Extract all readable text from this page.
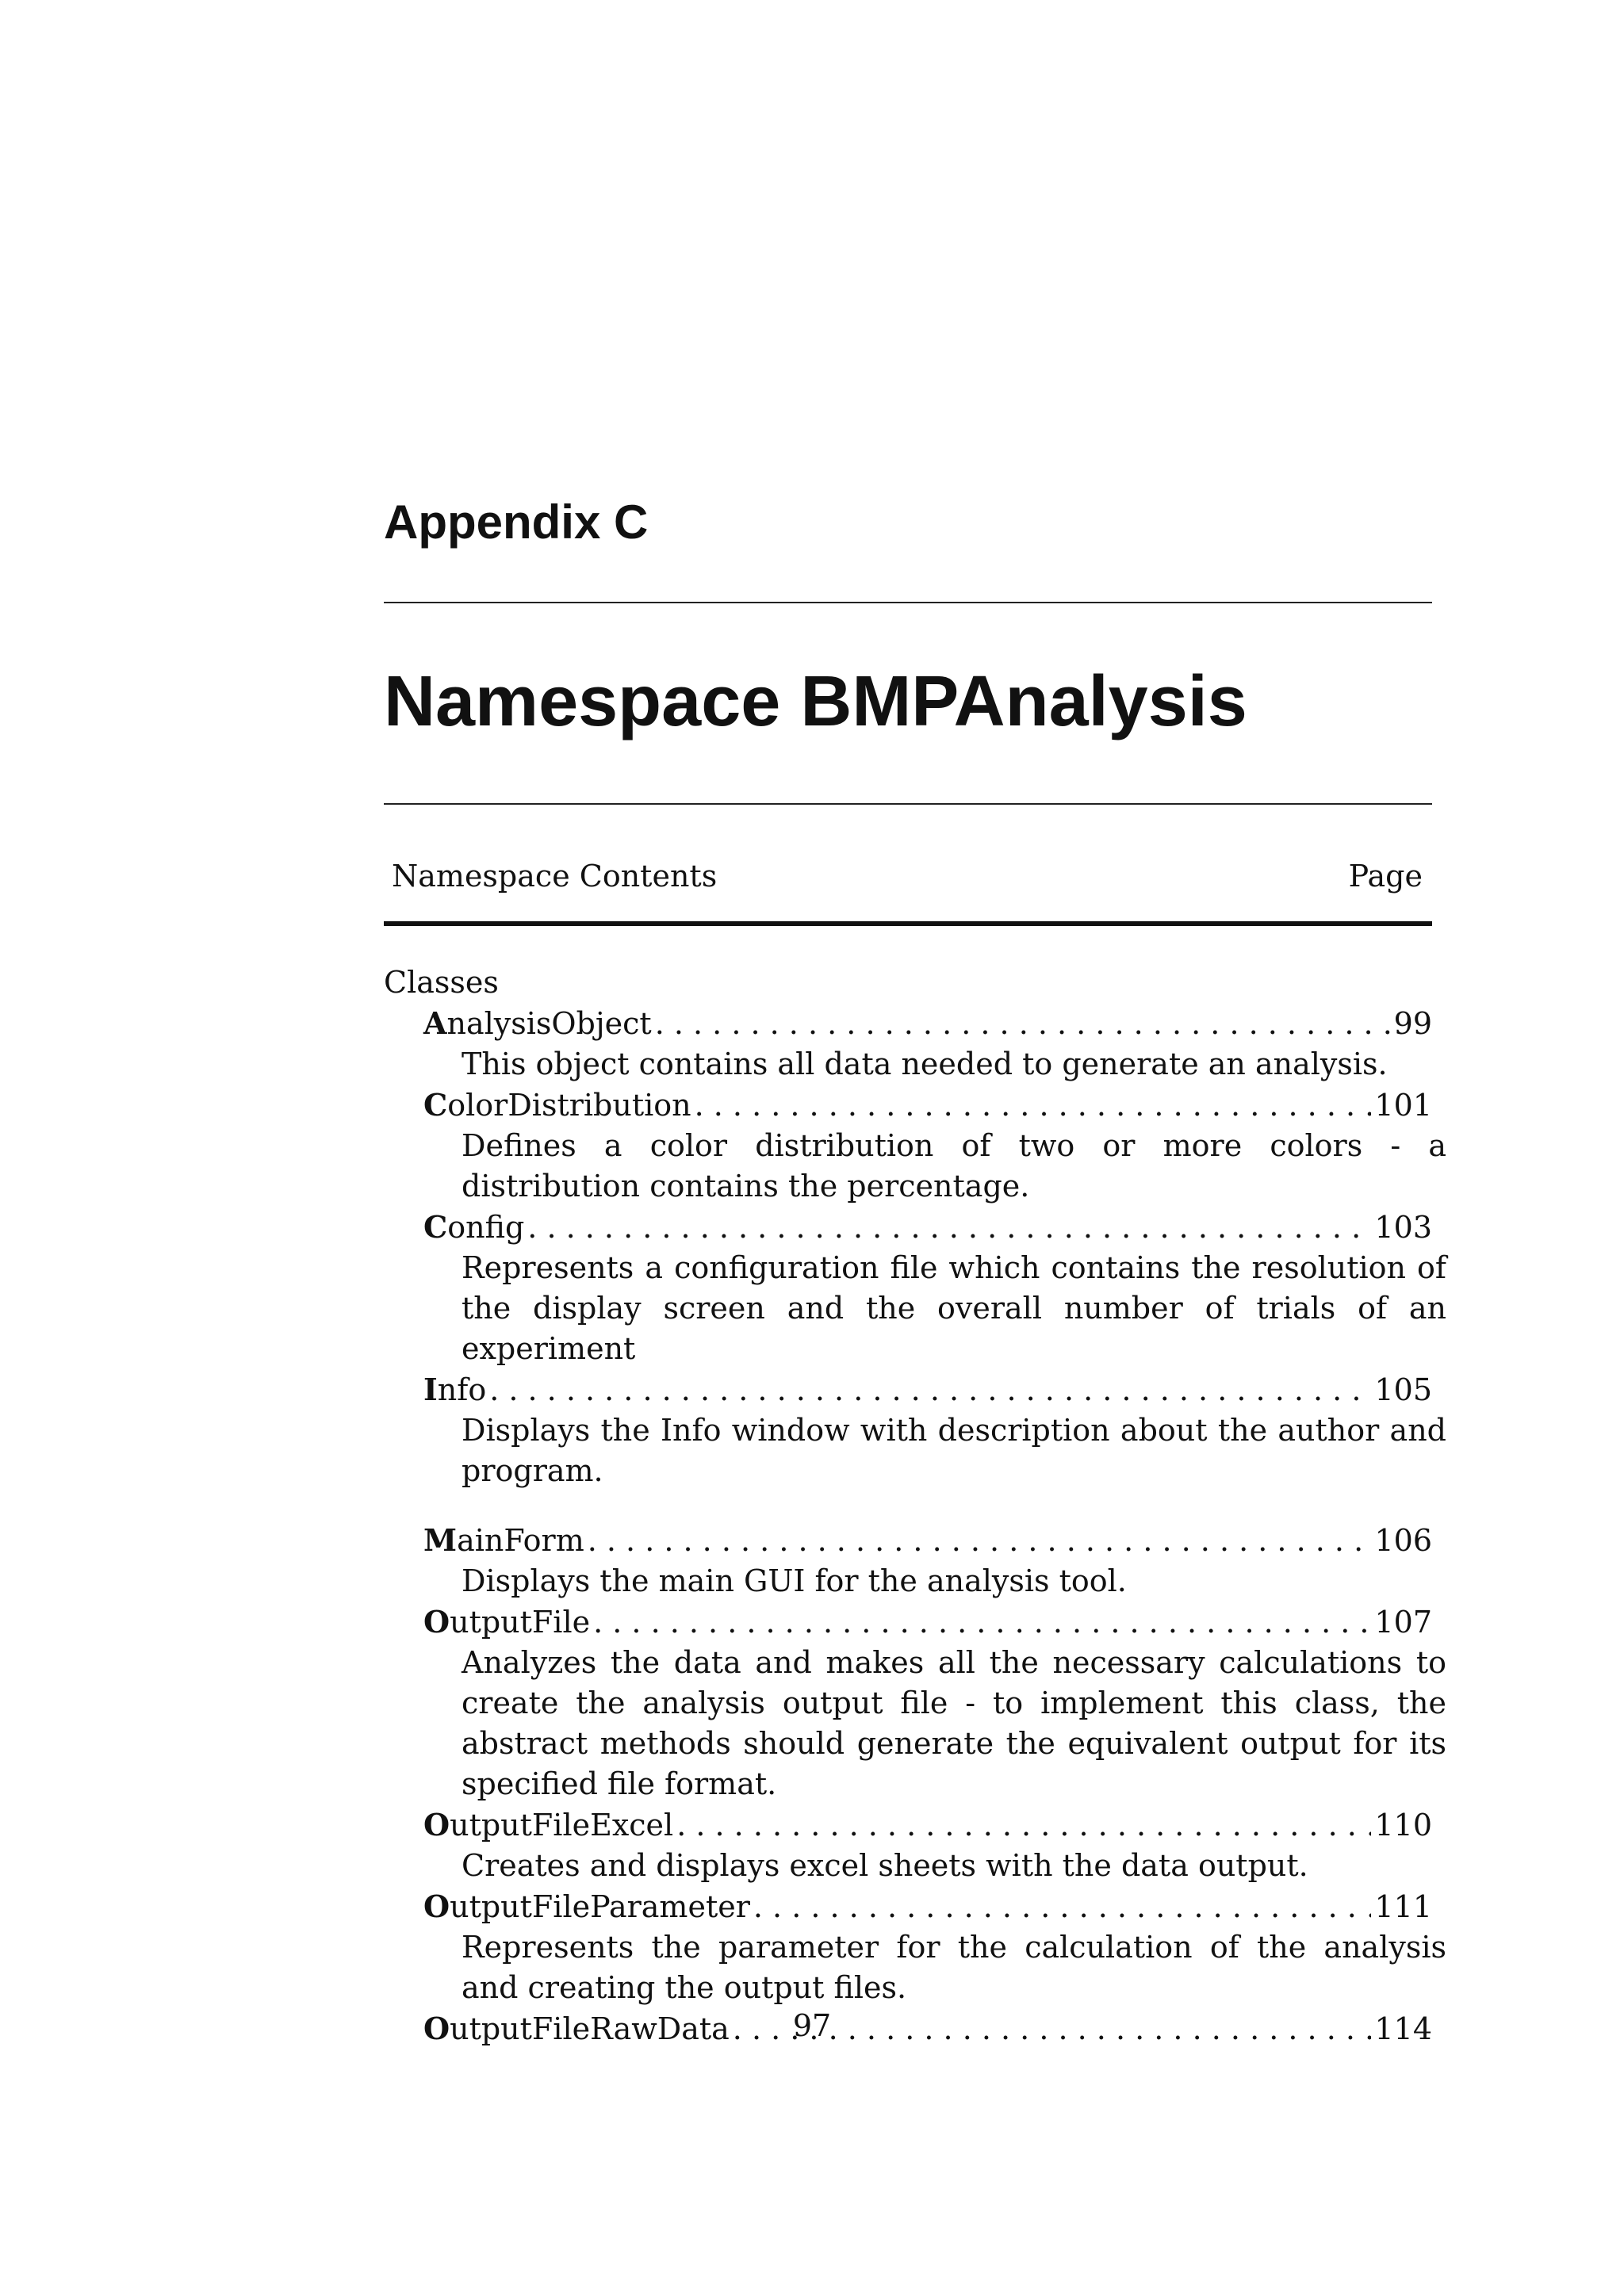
Appendix C
Namespace BMPAnalysis
Namespace Contents	Page
Classes
AnalysisObject . . .	99
This object contains all data needed to generate an analysis.
ColorDistribution . . .	101
Defines a color distribution of two or more colors - a distribution contains the percentage.
Config . . .	103
Represents a configuration file which contains the resolution of the display screen and the overall number of trials of an experiment
Info . . .	105
Displays the Info window with description about the author and program.
MainForm . . .	106
Displays the main GUI for the analysis tool.
OutputFile . . .	107
Analyzes the data and makes all the necessary calculations to create the analysis output file - to implement this class, the abstract methods should generate the equivalent output for its specified file format.
OutputFileExcel . . .	110
Creates and displays excel sheets with the data output.
OutputFileParameter . . .	111
Represents the parameter for the calculation of the analysis and creating the output files.
OutputFileRawData . . .	114
97
